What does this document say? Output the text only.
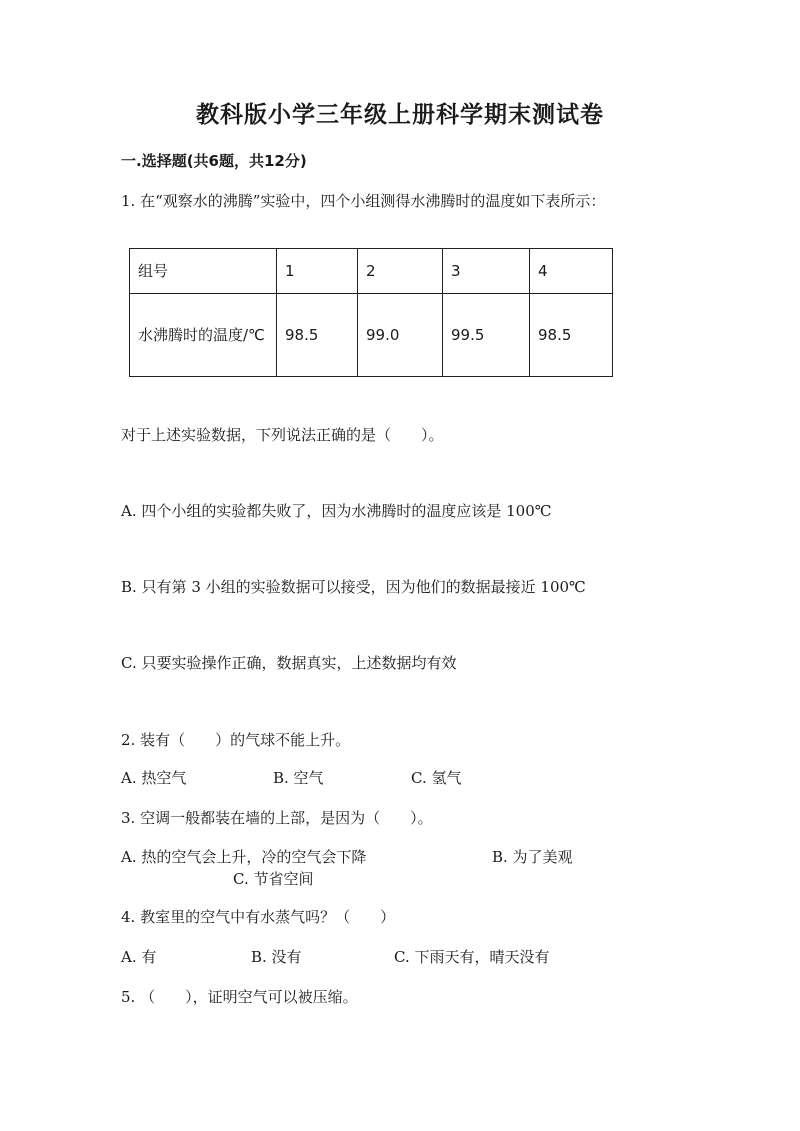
教科版小学三年级上册科学期末测试卷
一.选择题(共6题，共12分)
1. 在“观察水的沸腾”实验中，四个小组测得水沸腾时的温度如下表所示：
组号	1	2	3	4
水沸腾时的温度/℃	98.5	99.0	99.5	98.5
对于上述实验数据，下列说法正确的是（　　）。
A. 四个小组的实验都失败了，因为水沸腾时的温度应该是 100℃
B. 只有第 3 小组的实验数据可以接受，因为他们的数据最接近 100℃
C. 只要实验操作正确，数据真实，上述数据均有效
2. 装有（　　）的气球不能上升。
A. 热空气	B. 空气	C. 氢气
3. 空调一般都装在墙的上部，是因为（　　）。
A. 热的空气会上升，冷的空气会下降	B. 为了美观
C. 节省空间
4. 教室里的空气中有水蒸气吗？（　　）
A. 有	B. 没有	C. 下雨天有，晴天没有
5. （　　），证明空气可以被压缩。
